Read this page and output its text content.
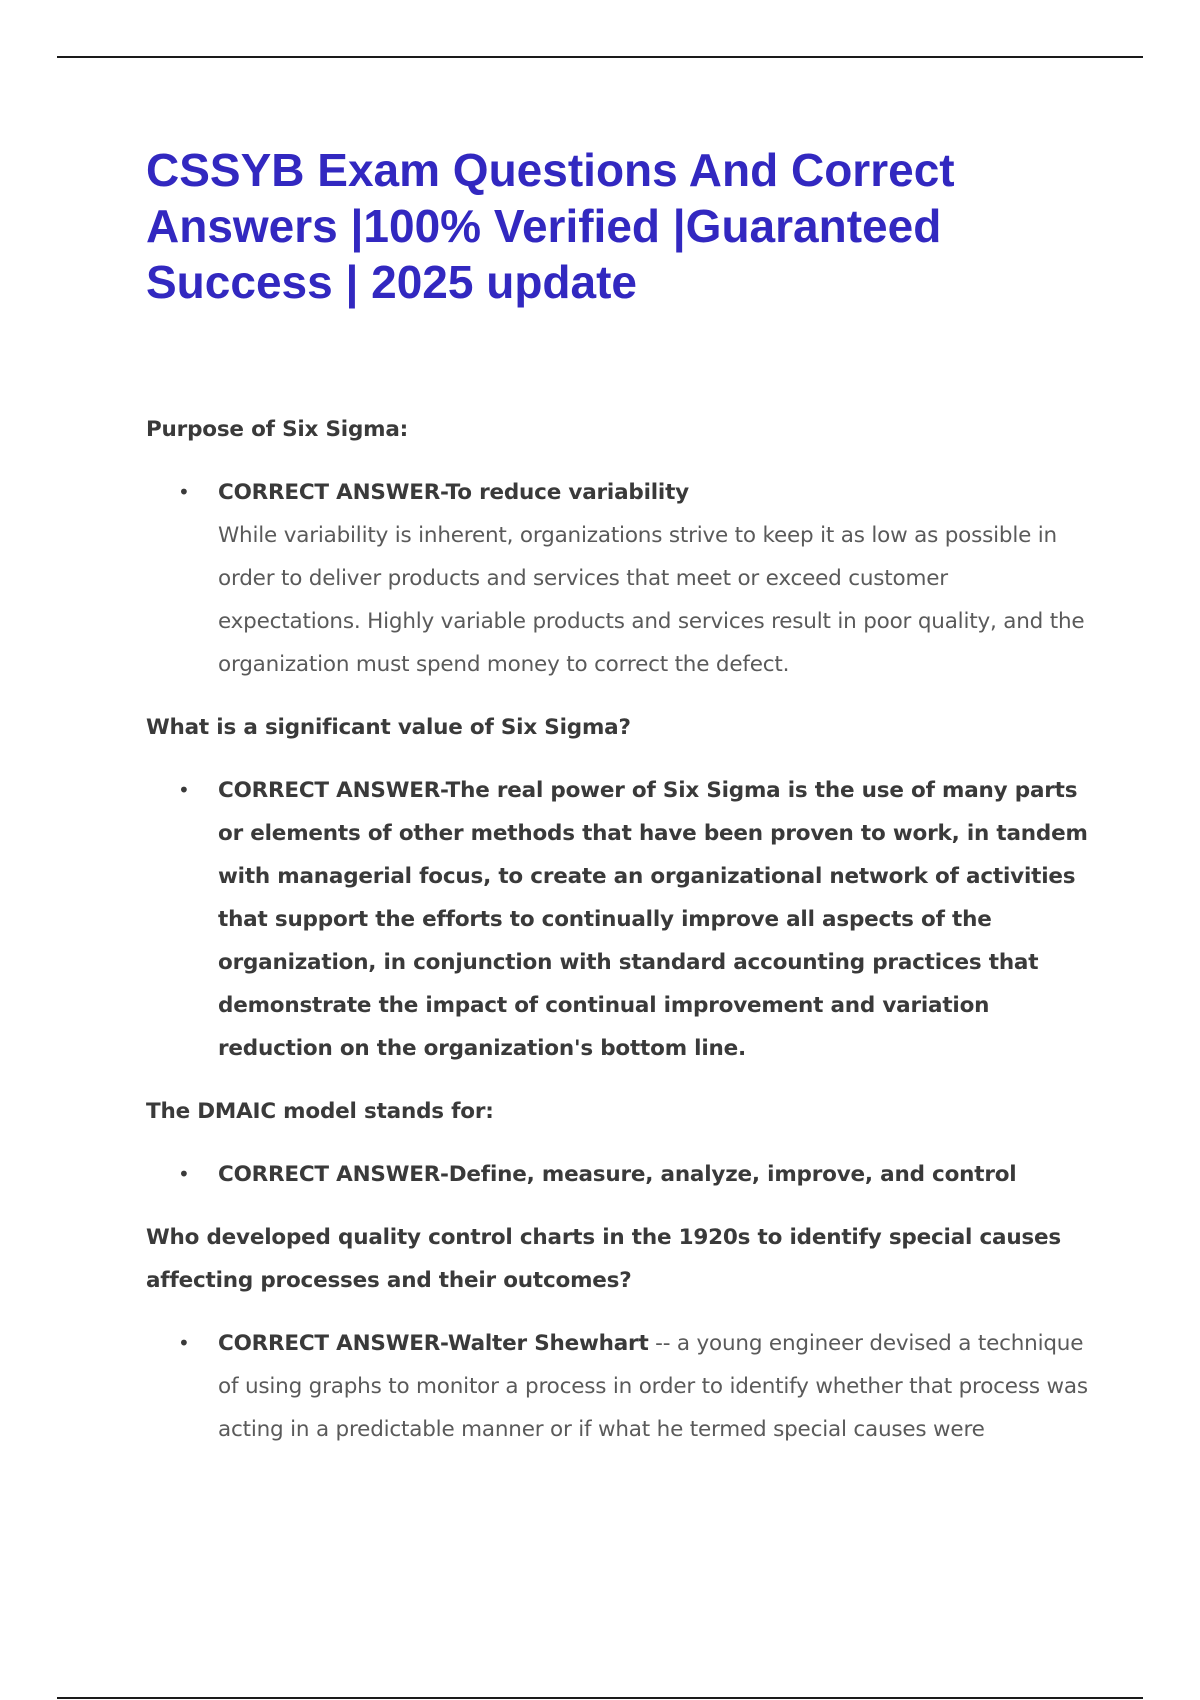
CSSYB Exam Questions And Correct Answers |100% Verified |Guaranteed Success | 2025 update

Purpose of Six Sigma:

• CORRECT ANSWER-To reduce variability
While variability is inherent, organizations strive to keep it as low as possible in order to deliver products and services that meet or exceed customer expectations. Highly variable products and services result in poor quality, and the organization must spend money to correct the defect.

What is a significant value of Six Sigma?

• CORRECT ANSWER-The real power of Six Sigma is the use of many parts or elements of other methods that have been proven to work, in tandem with managerial focus, to create an organizational network of activities that support the efforts to continually improve all aspects of the organization, in conjunction with standard accounting practices that demonstrate the impact of continual improvement and variation reduction on the organization's bottom line.

The DMAIC model stands for:

• CORRECT ANSWER-Define, measure, analyze, improve, and control

Who developed quality control charts in the 1920s to identify special causes affecting processes and their outcomes?

• CORRECT ANSWER-Walter Shewhart -- a young engineer devised a technique of using graphs to monitor a process in order to identify whether that process was acting in a predictable manner or if what he termed special causes were
